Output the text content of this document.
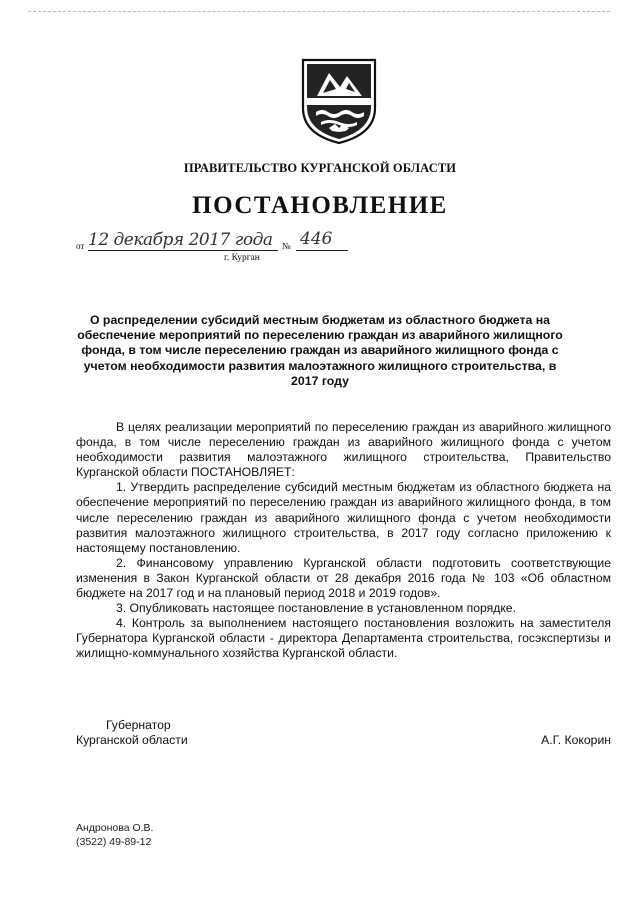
ПРАВИТЕЛЬСТВО КУРГАНСКОЙ ОБЛАСТИ
ПОСТАНОВЛЕНИЕ
от 12 декабря 2017 года № 446
г. Курган
О распределении субсидий местным бюджетам из областного бюджета на обеспечение мероприятий по переселению граждан из аварийного жилищного фонда, в том числе переселению граждан из аварийного жилищного фонда с учетом необходимости развития малоэтажного жилищного строительства, в 2017 году

В целях реализации мероприятий по переселению граждан из аварийного жилищного фонда, в том числе переселению граждан из аварийного жилищного фонда с учетом необходимости развития малоэтажного жилищного строительства, Правительство Курганской области ПОСТАНОВЛЯЕТ:

1. Утвердить распределение субсидий местным бюджетам из областного бюджета на обеспечение мероприятий по переселению граждан из аварийного жилищного фонда, в том числе переселению граждан из аварийного жилищного фонда с учетом необходимости развития малоэтажного жилищного строительства, в 2017 году согласно приложению к настоящему постановлению.

2. Финансовому управлению Курганской области подготовить соответствующие изменения в Закон Курганской области от 28 декабря 2016 года № 103 «Об областном бюджете на 2017 год и на плановый период 2018 и 2019 годов».

3. Опубликовать настоящее постановление в установленном порядке.

4. Контроль за выполнением настоящего постановления возложить на заместителя Губернатора Курганской области - директора Департамента строительства, госэкспертизы и жилищно-коммунального хозяйства Курганской области.

Губернатор
Курганской области	А.Г. Кокорин
Андронова О.В.
(3522) 49-89-12
